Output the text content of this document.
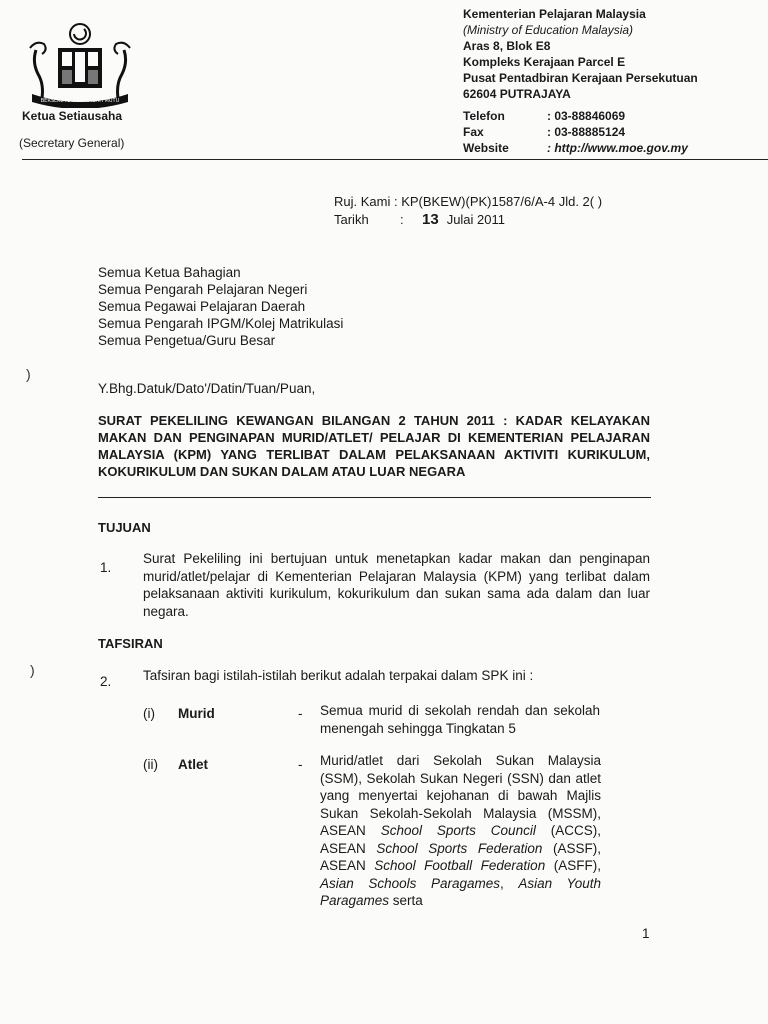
BERSEKUTU BERTAMBAH MUTU
Ketua Setiausaha
(Secretary General)
Kementerian Pelajaran Malaysia
(Ministry of Education Malaysia)
Aras 8, Blok E8
Kompleks Kerajaan Parcel E
Pusat Pentadbiran Kerajaan Persekutuan
62604 PUTRAJAYA
Telefon	: 03-88846069
Fax	: 03-88885124
Website	: http://www.moe.gov.my
Ruj. Kami
: KP(BKEW)(PK)1587/6/A-4 Jld. 2( )
Tarikh	:	13 Julai 2011
Semua Ketua Bahagian
Semua Pengarah Pelajaran Negeri
Semua Pegawai Pelajaran Daerah
Semua Pengarah IPGM/Kolej Matrikulasi
Semua Pengetua/Guru Besar
)
Y.Bhg.Datuk/Dato'/Datin/Tuan/Puan,
SURAT PEKELILING KEWANGAN BILANGAN 2 TAHUN 2011 : KADAR KELAYAKAN MAKAN DAN PENGINAPAN MURID/ATLET/ PELAJAR DI KEMENTERIAN PELAJARAN MALAYSIA (KPM) YANG TERLIBAT DALAM PELAKSANAAN AKTIVITI KURIKULUM, KOKURIKULUM DAN SUKAN DALAM ATAU LUAR NEGARA
TUJUAN
1.
Surat Pekeliling ini bertujuan untuk menetapkan kadar makan dan penginapan murid/atlet/pelajar di Kementerian Pelajaran Malaysia (KPM) yang terlibat dalam pelaksanaan aktiviti kurikulum, kokurikulum dan sukan sama ada dalam dan luar negara.
TAFSIRAN
)
2. Tafsiran bagi istilah-istilah berikut adalah terpakai dalam SPK ini :
(i) Murid	- Semua murid di sekolah rendah dan sekolah menengah sehingga Tingkatan 5
(ii) Atlet	- Murid/atlet dari Sekolah Sukan Malaysia (SSM), Sekolah Sukan Negeri (SSN) dan atlet yang menyertai kejohanan di bawah Majlis Sukan Sekolah-Sekolah Malaysia (MSSM), ASEAN School Sports Council (ACCS), ASEAN School Sports Federation (ASSF), ASEAN School Football Federation (ASFF), Asian Schools Paragames, Asian Youth Paragames serta
1
